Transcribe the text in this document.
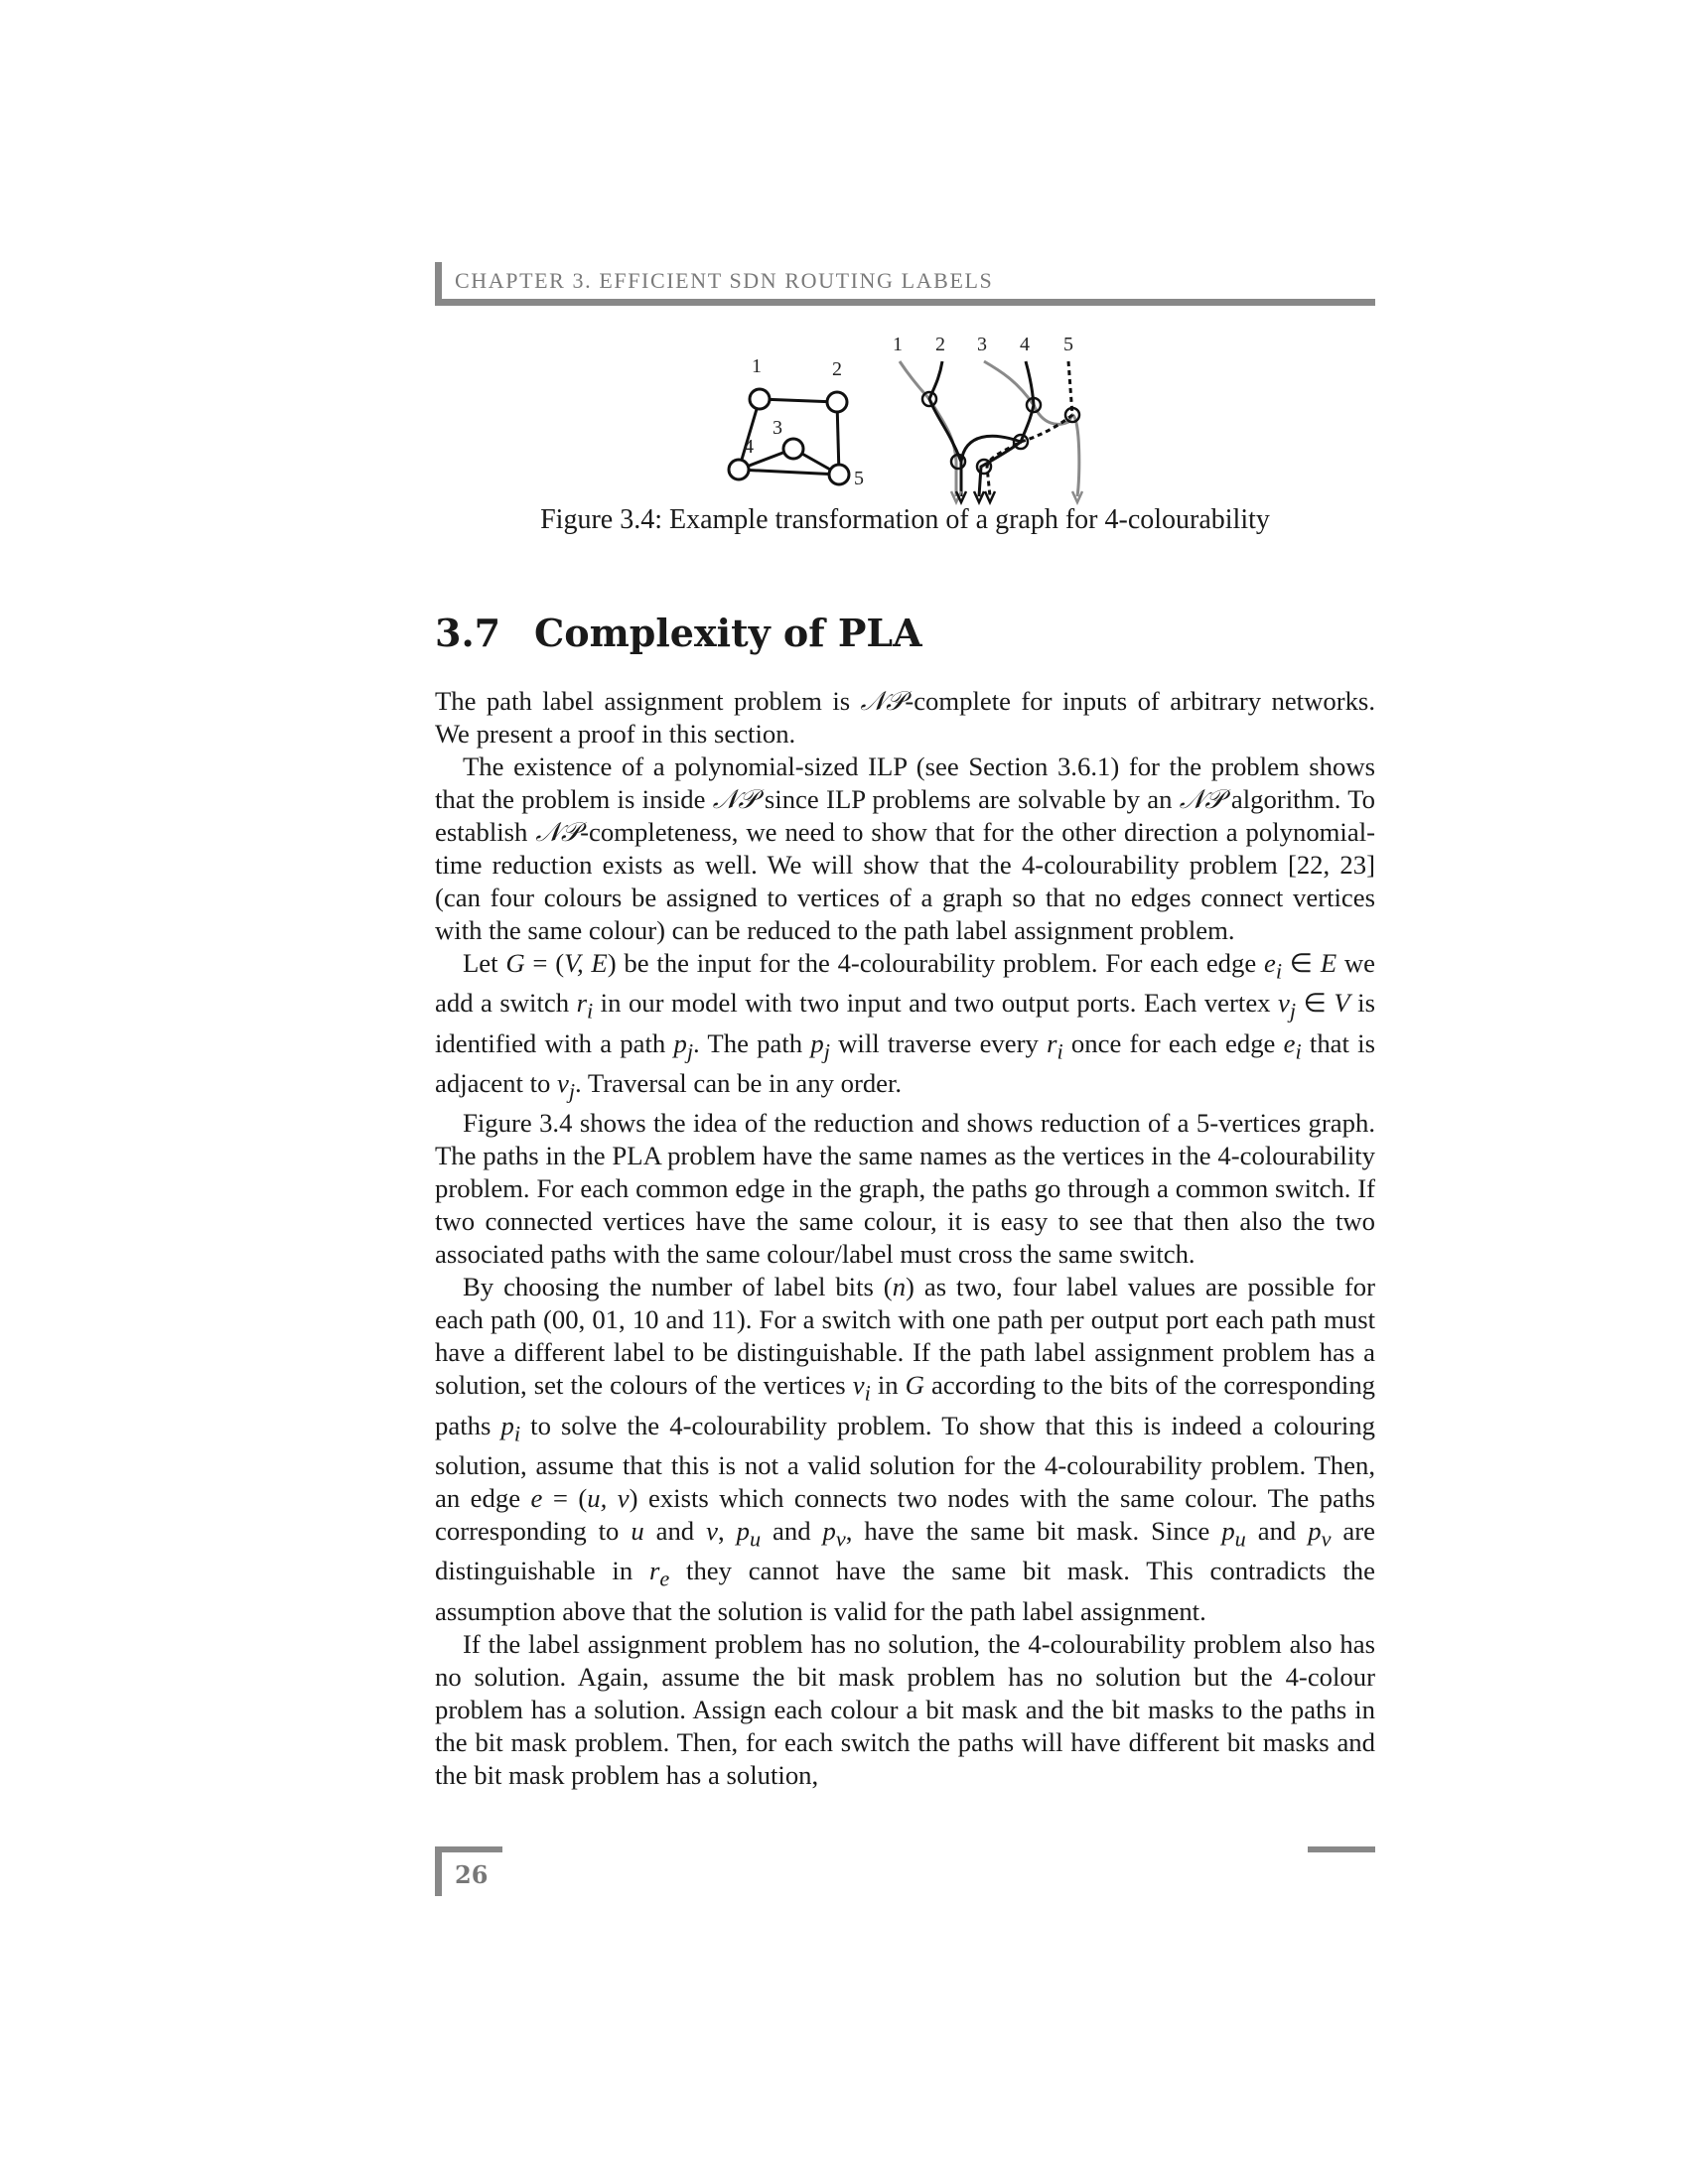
CHAPTER 3. EFFICIENT SDN ROUTING LABELS
1	2
3
4
5
1 2 3 4 5
Figure 3.4: Example transformation of a graph for 4-colourability
3.7 Complexity of PLA

The path label assignment problem is 𝒩𝒫-complete for inputs of arbitrary networks. We present a proof in this section.

The existence of a polynomial-sized ILP (see Section 3.6.1) for the problem shows that the problem is inside 𝒩𝒫 since ILP problems are solvable by an 𝒩𝒫 algorithm. To establish 𝒩𝒫-completeness, we need to show that for the other direction a polynomial-time reduction exists as well. We will show that the 4-colourability problem [22, 23] (can four colours be assigned to vertices of a graph so that no edges connect vertices with the same colour) can be reduced to the path label assignment problem.

Let G = (V, E) be the input for the 4-colourability problem. For each edge $e_i$ ∈ E we add a switch $r_i$ in our model with two input and two output ports. Each vertex $v_j$ ∈ V is identified with a path $p_j$. The path $p_j$ will traverse every $r_i$ once for each edge $e_i$ that is adjacent to $v_j$. Traversal can be in any order.

Figure 3.4 shows the idea of the reduction and shows reduction of a 5-vertices graph. The paths in the PLA problem have the same names as the vertices in the 4-colourability problem. For each common edge in the graph, the paths go through a common switch. If two connected vertices have the same colour, it is easy to see that then also the two associated paths with the same colour/label must cross the same switch.

By choosing the number of label bits (n) as two, four label values are possible for each path (00, 01, 10 and 11). For a switch with one path per output port each path must have a different label to be distinguishable. If the path label assignment problem has a solution, set the colours of the vertices $v_i$ in G according to the bits of the corresponding paths $p_i$ to solve the 4-colourability problem. To show that this is indeed a colouring solution, assume that this is not a valid solution for the 4-colourability problem. Then, an edge e = (u, v) exists which connects two nodes with the same colour. The paths corresponding to u and v, $p_u$ and $p_v$, have the same bit mask. Since $p_u$ and $p_v$ are distinguishable in $r_e$ they cannot have the same bit mask. This contradicts the assumption above that the solution is valid for the path label assignment.

If the label assignment problem has no solution, the 4-colourability problem also has no solution. Again, assume the bit mask problem has no solution but the 4-colour problem has a solution. Assign each colour a bit mask and the bit masks to the paths in the bit mask problem. Then, for each switch the paths will have different bit masks and the bit mask problem has a solution,

26
